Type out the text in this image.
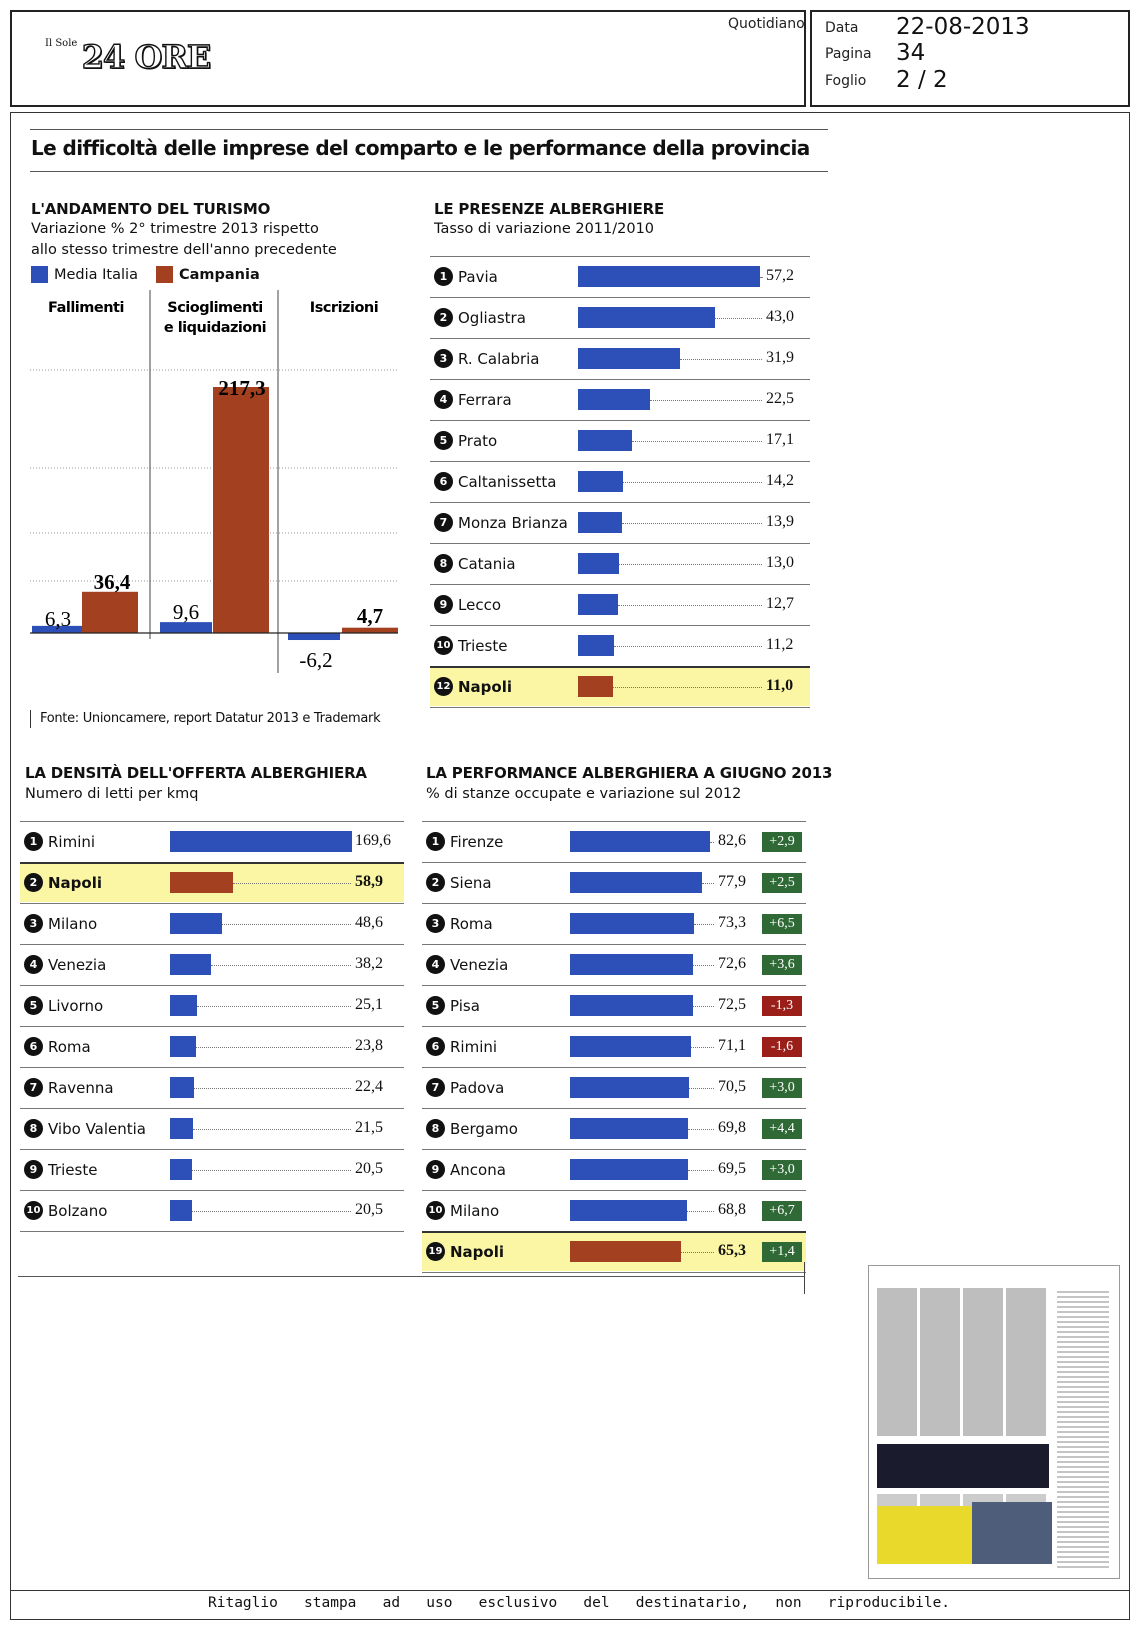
$^{Il Sole}$ 24 ORE
Quotidiano Data 22-08-2013
Pagina 34
Foglio 2 / 2
Le difficoltà delle imprese del comparto e le performance della provincia
L'ANDAMENTO DEL TURISMO
Variazione % 2° trimestre 2013 rispetto
allo stesso trimestre dell'anno precedente
Media Italia	Campania
Fallimenti	Scioglimenti
e liquidazioni
Iscrizioni
6,3	9,6
-6,2
36,4
217,3
4,7
Fonte: Unioncamere, report Datatur 2013 e Trademark
LE PRESENZE ALBERGHIERE
Tasso di variazione 2011/2010
1 Pavia	57,2
2 Ogliastra	43,0
3 R. Calabria	31,9
4 Ferrara	22,5
5 Prato	17,1
6 Caltanissetta	14,2
7 Monza Brianza	13,9
8 Catania	13,0
9 Lecco	12,7
10 Trieste	11,2
12 Napoli	11,0
LA DENSITÀ DELL'OFFERTA ALBERGHIERA
Numero di letti per kmq
1 Rimini	169,6
2 Napoli	58,9
3 Milano	48,6
4 Venezia	38,2
5 Livorno	25,1
6 Roma	23,8
7 Ravenna	22,4
8 Vibo Valentia	21,5
9 Trieste	20,5
10 Bolzano	20,5
LA PERFORMANCE ALBERGHIERA A GIUGNO 2013
% di stanze occupate e variazione sul 2012
1 Firenze	82,6	+2,9
2 Siena	77,9	+2,5
3 Roma	73,3	+6,5
4 Venezia	72,6	+3,6
5 Pisa	72,5	-1,3
6 Rimini	71,1	-1,6
7 Padova	70,5	+3,0
8 Bergamo	69,8	+4,4
9 Ancona	69,5	+3,0
10 Milano	68,8	+6,7
19 Napoli	65,3	+1,4
Ritaglio   stampa   ad   uso   esclusivo   del   destinatario,   non   riproducibile.
